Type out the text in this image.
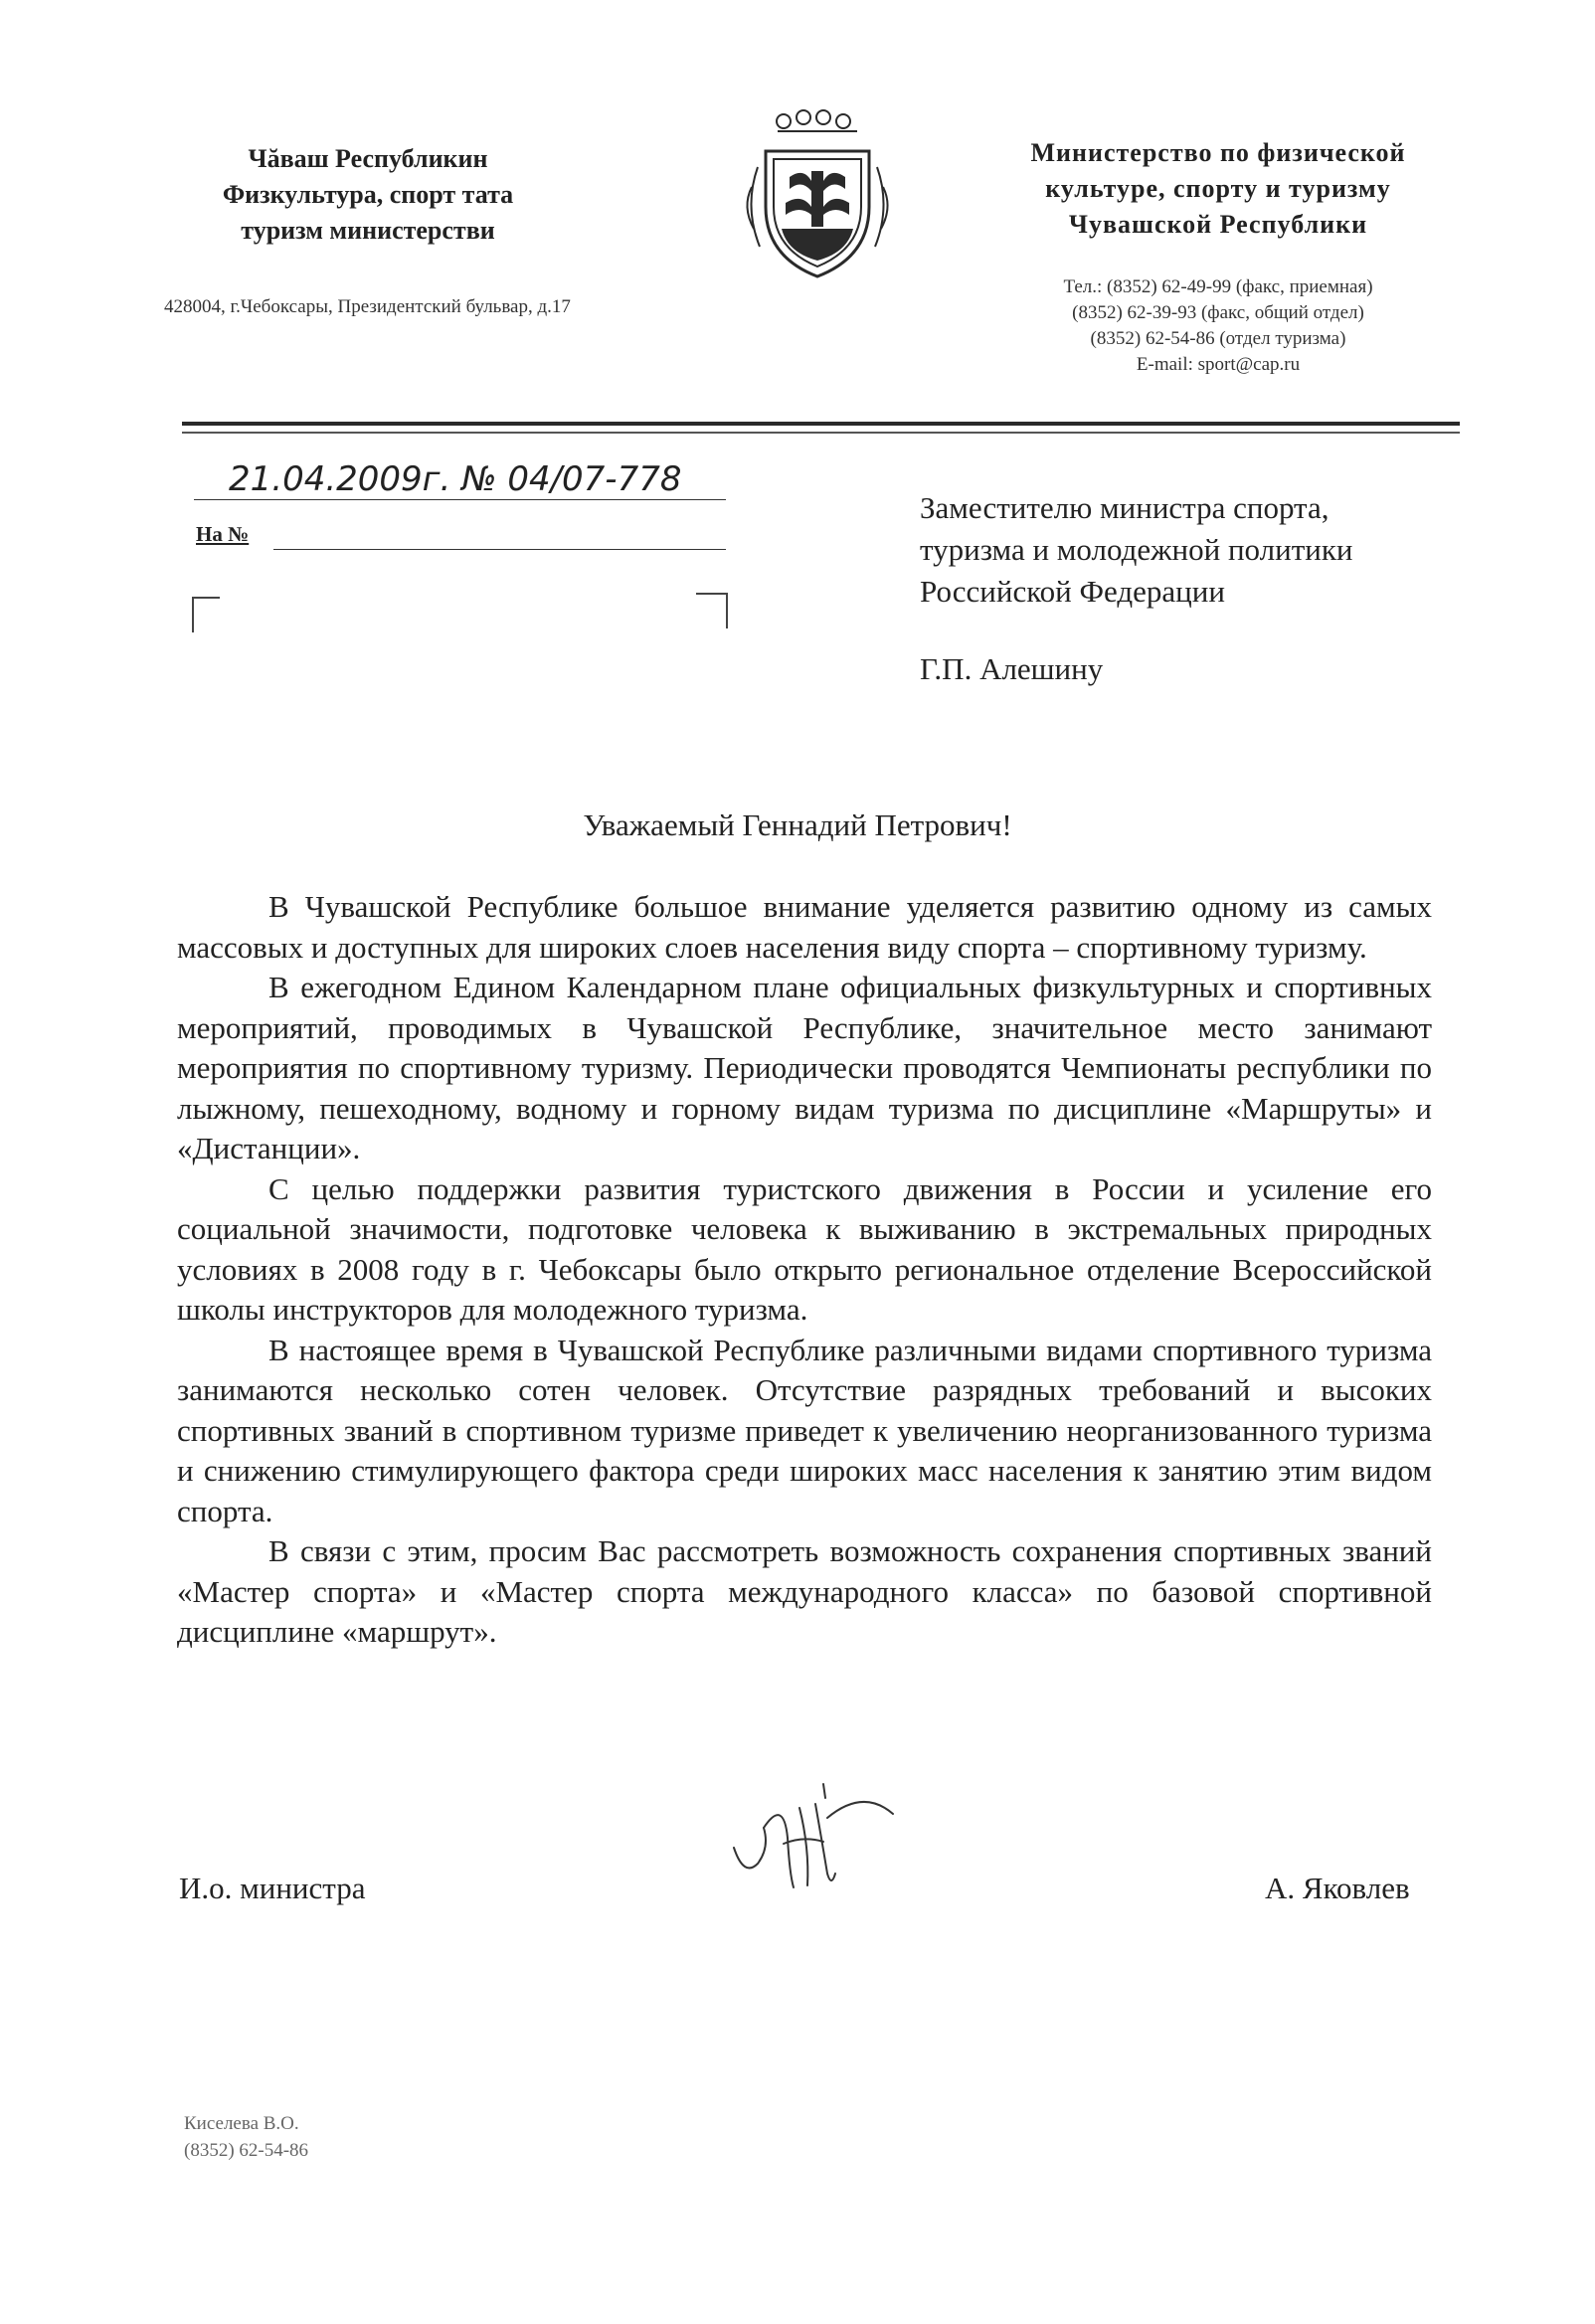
Чăваш Республикин
Физкультура, спорт тата
туризм министерстви
428004, г.Чебоксары, Президентский бульвар, д.17
Министерство по физической
культуре, спорту и туризму
Чувашской Республики
Тел.: (8352) 62-49-99 (факс, приемная)
(8352) 62-39-93 (факс, общий отдел)
(8352) 62-54-86 (отдел туризма)
E-mail: sport@cap.ru
21.04.2009г. № 04/07-778
На №
Заместителю министра спорта,
туризма и молодежной политики
Российской Федерации
Г.П. Алешину
Уважаемый Геннадий Петрович!

В Чувашской Республике большое внимание уделяется развитию одному из самых массовых и доступных для широких слоев населения виду спорта – спортивному туризму.

В ежегодном Едином Календарном плане официальных физкультурных и спортивных мероприятий, проводимых в Чувашской Республике, значительное место занимают мероприятия по спортивному туризму. Периодически проводятся Чемпионаты республики по лыжному, пешеходному, водному и горному видам туризма по дисциплине «Маршруты» и «Дистанции».

С целью поддержки развития туристского движения в России и усиление его социальной значимости, подготовке человека к выживанию в экстремальных природных условиях в 2008 году в г. Чебоксары было открыто региональное отделение Всероссийской школы инструкторов для молодежного туризма.

В настоящее время в Чувашской Республике различными видами спортивного туризма занимаются несколько сотен человек. Отсутствие разрядных требований и высоких спортивных званий в спортивном туризме приведет к увеличению неорганизованного туризма и снижению стимулирующего фактора среди широких масс населения к занятию этим видом спорта.

В связи с этим, просим Вас рассмотреть возможность сохранения спортивных званий «Мастер спорта» и «Мастер спорта международного класса» по базовой спортивной дисциплине «маршрут».

И.о. министра	А. Яковлев
Киселева В.О.
(8352) 62-54-86
